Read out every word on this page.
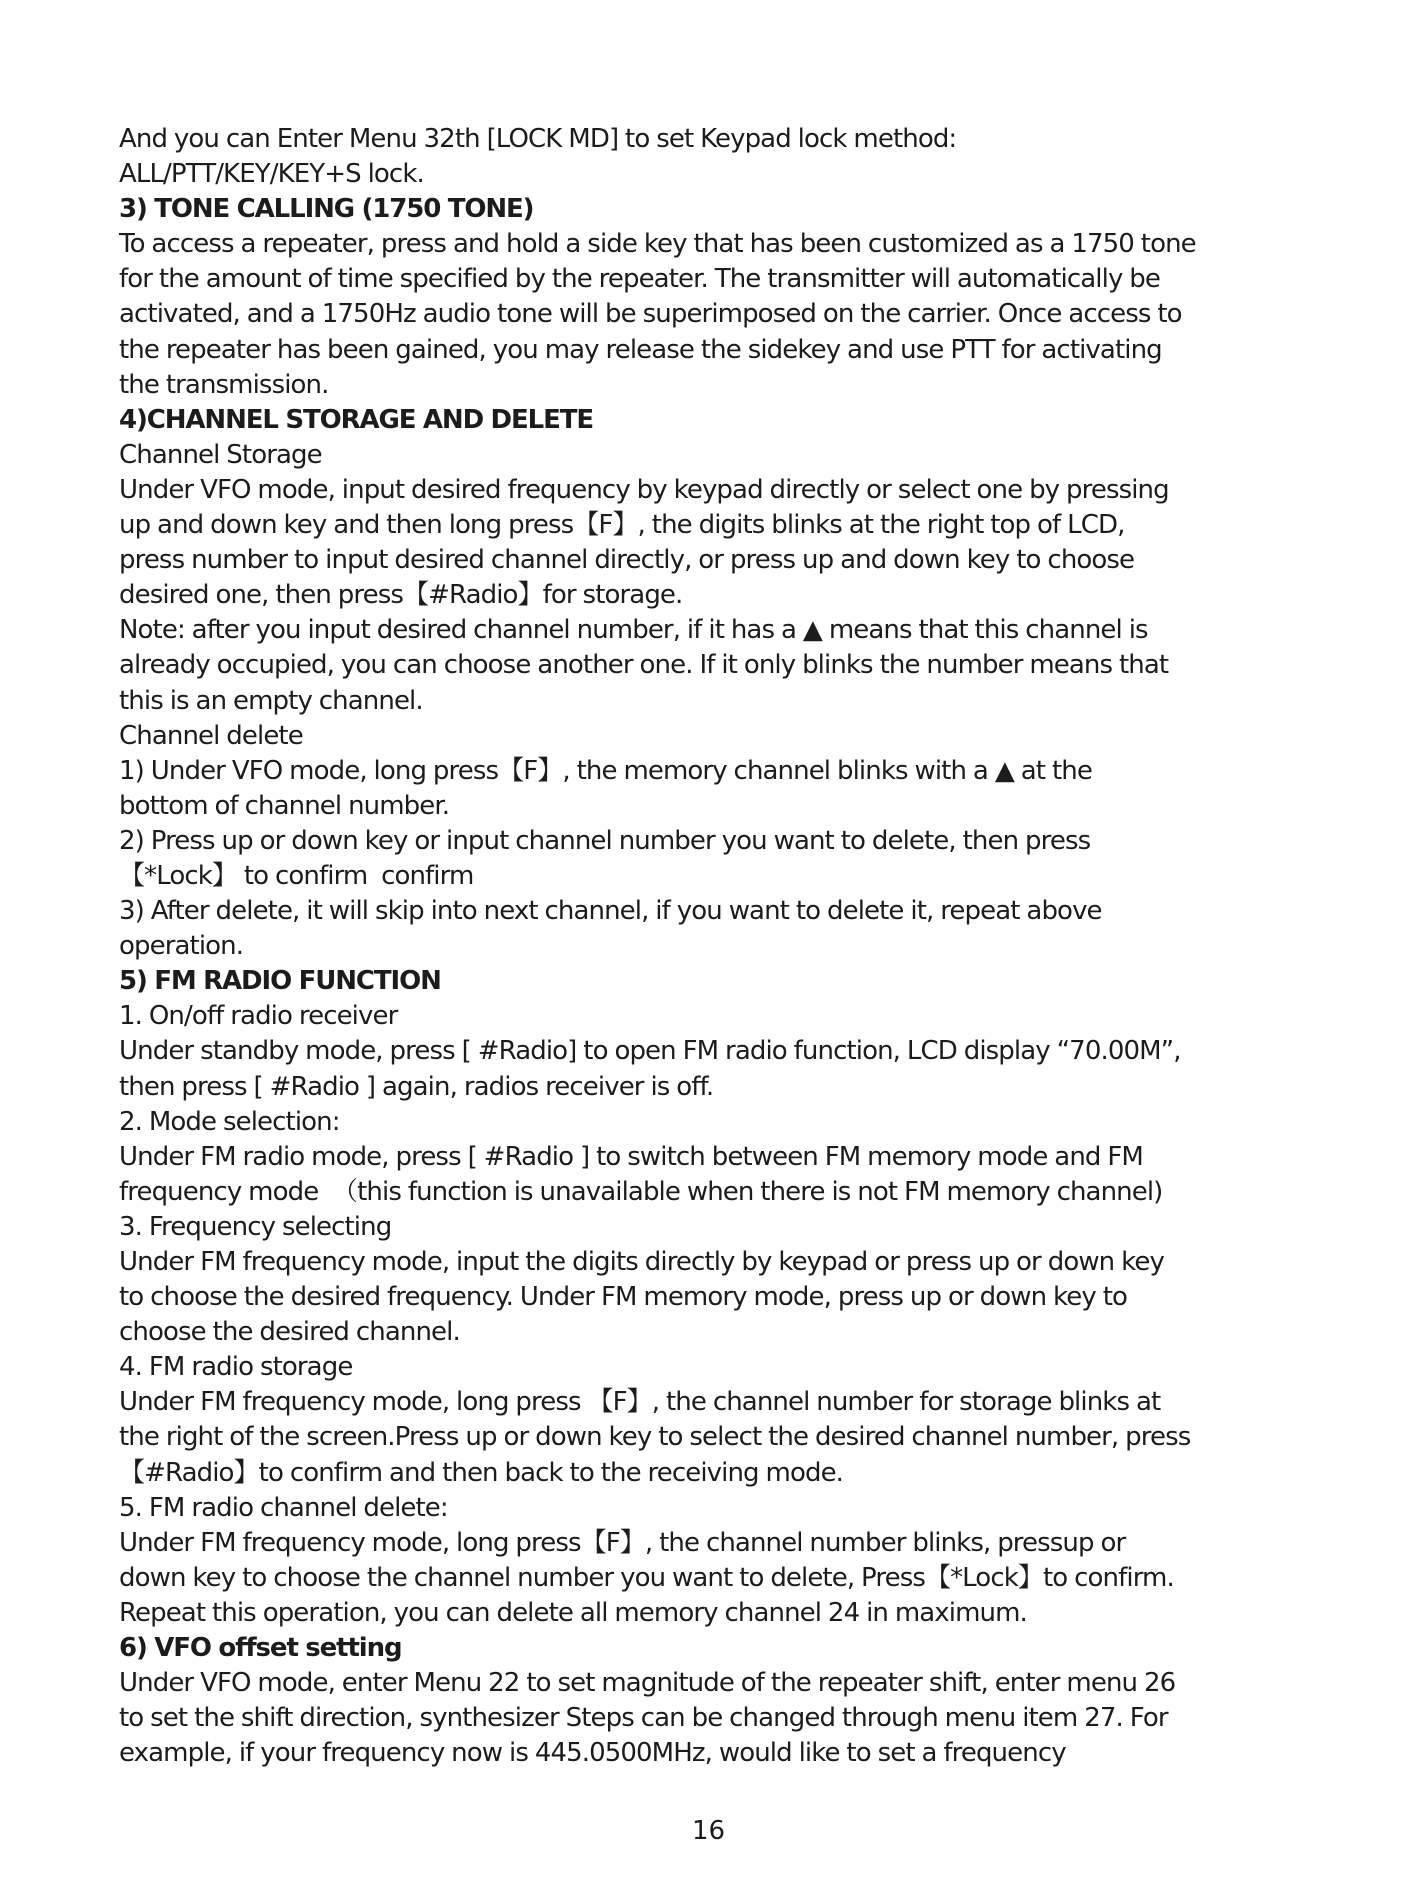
And you can Enter Menu 32th [LOCK MD] to set Keypad lock method:
ALL/PTT/KEY/KEY+S lock.
3) TONE CALLING (1750 TONE)
To access a repeater, press and hold a side key that has been customized as a 1750 tone
for the amount of time specified by the repeater. The transmitter will automatically be
activated, and a 1750Hz audio tone will be superimposed on the carrier. Once access to
the repeater has been gained, you may release the sidekey and use PTT for activating
the transmission.
4)CHANNEL STORAGE AND DELETE
Channel Storage
Under VFO mode, input desired frequency by keypad directly or select one by pressing
up and down key and then long press【F】, the digits blinks at the right top of LCD,
press number to input desired channel directly, or press up and down key to choose
desired one, then press【#Radio】for storage.
Note: after you input desired channel number, if it has a ▲ means that this channel is
already occupied, you can choose another one. If it only blinks the number means that
this is an empty channel.
Channel delete
1) Under VFO mode, long press【F】, the memory channel blinks with a ▲ at the
bottom of channel number.
2) Press up or down key or input channel number you want to delete, then press
【*Lock】 to confirm  confirm
3) After delete, it will skip into next channel, if you want to delete it, repeat above
operation.
5) FM RADIO FUNCTION
1. On/off radio receiver
Under standby mode, press [ #Radio] to open FM radio function, LCD display “70.00M”,
then press [ #Radio ] again, radios receiver is off.
2. Mode selection:
Under FM radio mode, press [ #Radio ] to switch between FM memory mode and FM
frequency mode  （this function is unavailable when there is not FM memory channel)
3. Frequency selecting
Under FM frequency mode, input the digits directly by keypad or press up or down key
to choose the desired frequency. Under FM memory mode, press up or down key to
choose the desired channel.
4. FM radio storage
Under FM frequency mode, long press 【F】, the channel number for storage blinks at
the right of the screen.Press up or down key to select the desired channel number, press
【#Radio】to confirm and then back to the receiving mode.
5. FM radio channel delete:
Under FM frequency mode, long press【F】, the channel number blinks, pressup or
down key to choose the channel number you want to delete, Press【*Lock】to confirm.
Repeat this operation, you can delete all memory channel 24 in maximum.
6) VFO offset setting
Under VFO mode, enter Menu 22 to set magnitude of the repeater shift, enter menu 26
to set the shift direction, synthesizer Steps can be changed through menu item 27. For
example, if your frequency now is 445.0500MHz, would like to set a frequency
16
